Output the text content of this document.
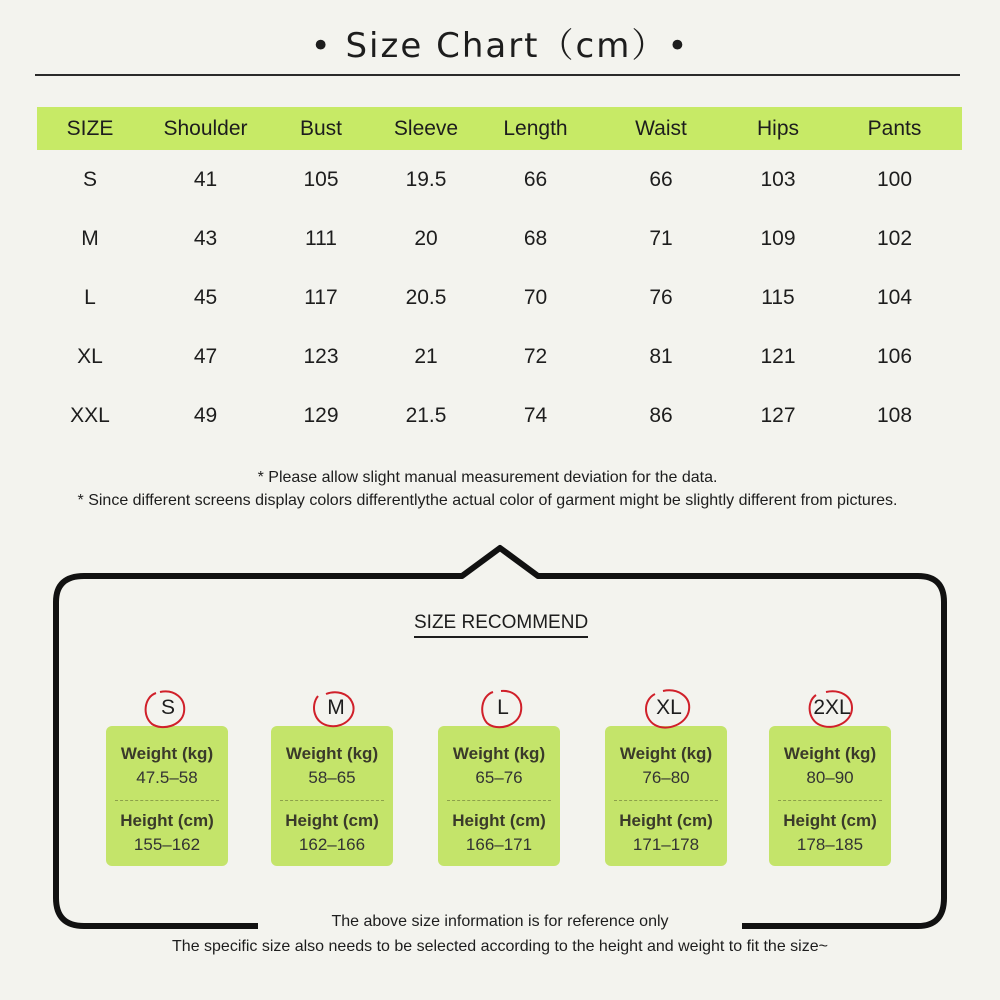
• Size Chart（cm）•
SIZE	Shoulder	Bust	Sleeve	Length	Waist	Hips	Pants
S	41	105	19.5	66	66	103	100
M	43	111	20	68	71	109	102
L	45	117	20.5	70	76	115	104
XL	47	123	21	72	81	121	106
XXL	49	129	21.5	74	86	127	108
* Please allow slight manual measurement deviation for the data.
* Since different screens display colors differentlythe actual color of garment might be slightly different from pictures.
SIZE RECOMMEND
Weight (kg)
47.5–58
Height (cm)
155–162
S
Weight (kg)
58–65
Height (cm)
162–166
M
Weight (kg)
65–76
Height (cm)
166–171
L
Weight (kg)
76–80
Height (cm)
171–178
XL
Weight (kg)
80–90
Height (cm)
178–185
2XL
The above size information is for reference only
The specific size also needs to be selected according to the height and weight to fit the size~
